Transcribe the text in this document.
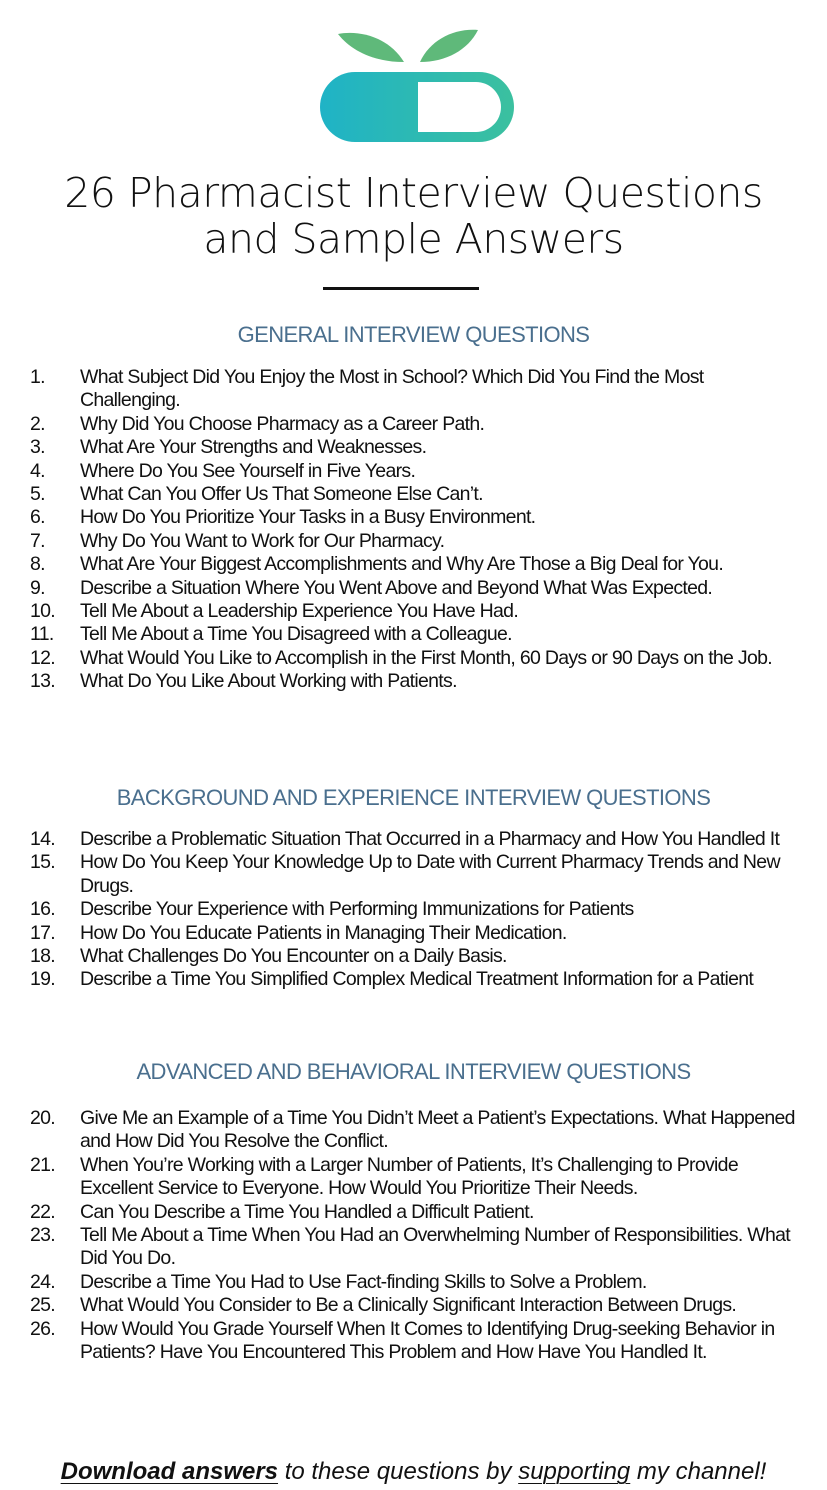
26 Pharmacist Interview Questions
and Sample Answers
GENERAL INTERVIEW QUESTIONS
1.	What Subject Did You Enjoy the Most in School? Which Did You Find the Most Challenging.
2.	Why Did You Choose Pharmacy as a Career Path.
3.	What Are Your Strengths and Weaknesses.
4.	Where Do You See Yourself in Five Years.
5.	What Can You Offer Us That Someone Else Can’t.
6.	How Do You Prioritize Your Tasks in a Busy Environment.
7.	Why Do You Want to Work for Our Pharmacy.
8.	What Are Your Biggest Accomplishments and Why Are Those a Big Deal for You.
9.	Describe a Situation Where You Went Above and Beyond What Was Expected.
10.	Tell Me About a Leadership Experience You Have Had.
11.	Tell Me About a Time You Disagreed with a Colleague.
12.	What Would You Like to Accomplish in the First Month, 60 Days or 90 Days on the Job.
13.	What Do You Like About Working with Patients.
BACKGROUND AND EXPERIENCE INTERVIEW QUESTIONS
14.	Describe a Problematic Situation That Occurred in a Pharmacy and How You Handled It
15.	How Do You Keep Your Knowledge Up to Date with Current Pharmacy Trends and New Drugs.
16.	Describe Your Experience with Performing Immunizations for Patients
17.	How Do You Educate Patients in Managing Their Medication.
18.	What Challenges Do You Encounter on a Daily Basis.
19.	Describe a Time You Simplified Complex Medical Treatment Information for a Patient
ADVANCED AND BEHAVIORAL INTERVIEW QUESTIONS
20.	Give Me an Example of a Time You Didn’t Meet a Patient’s Expectations. What Happened and How Did You Resolve the Conflict.
21.	When You’re Working with a Larger Number of Patients, It’s Challenging to Provide Excellent Service to Everyone. How Would You Prioritize Their Needs.
22.	Can You Describe a Time You Handled a Difficult Patient.
23.	Tell Me About a Time When You Had an Overwhelming Number of Responsibilities. What Did You Do.
24.	Describe a Time You Had to Use Fact-finding Skills to Solve a Problem.
25.	What Would You Consider to Be a Clinically Significant Interaction Between Drugs.
26.	How Would You Grade Yourself When It Comes to Identifying Drug-seeking Behavior in Patients? Have You Encountered This Problem and How Have You Handled It.
Download answers to these questions by supporting my channel!
